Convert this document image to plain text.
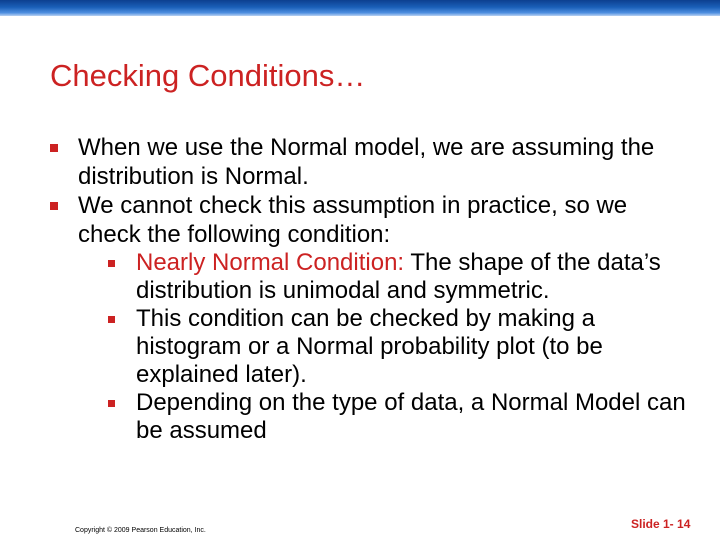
Checking Conditions…
When we use the Normal model, we are assuming the distribution is Normal.
We cannot check this assumption in practice, so we check the following condition:
Nearly Normal Condition: The shape of the data’s distribution is unimodal and symmetric.
This condition can be checked by making a histogram or a Normal probability plot (to be explained later).
Depending on the type of data, a Normal Model can be assumed
Copyright © 2009 Pearson Education, Inc.	Slide 1- 14
